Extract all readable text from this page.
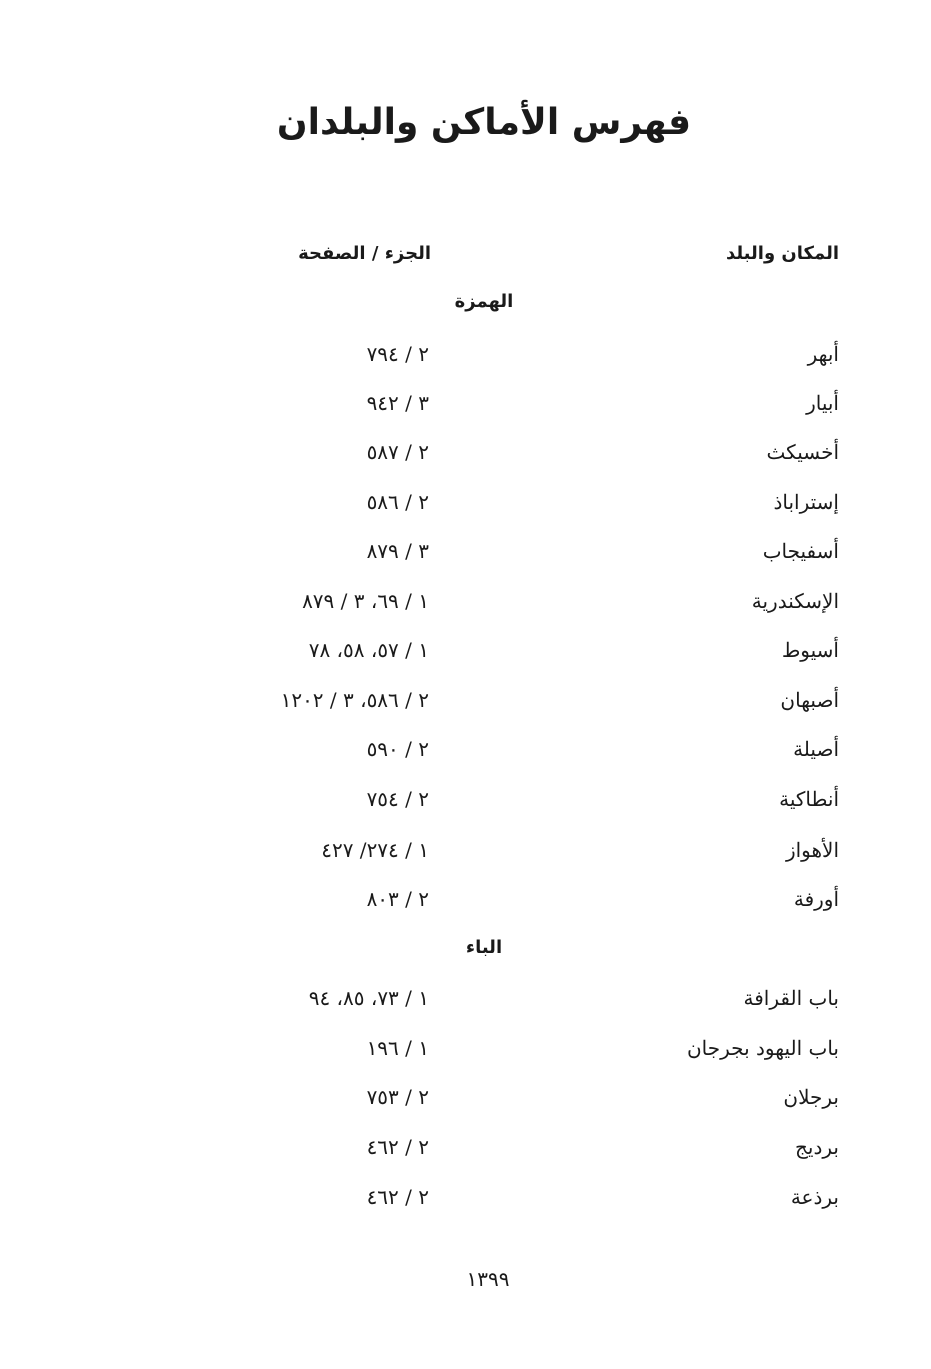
فهرس الأماكن والبلدان
المكان والبلد
الجزء / الصفحة
الهمزة
أبهر
٢ / ٧٩٤
أبيار
٣ / ٩٤٢
أخسيكث
٢ / ٥٨٧
إستراباذ
٢ / ٥٨٦
أسفيجاب
٣ / ٨٧٩
الإسكندرية
١ / ٦٩، ٣ / ٨٧٩
أسيوط
١ / ٥٧، ٥٨، ٧٨
أصبهان
٢ / ٥٨٦، ٣ / ١٢٠٢
أصيلة
٢ / ٥٩٠
أنطاكية
٢ / ٧٥٤
الأهواز
١ / ٢٧٤/ ٤٢٧
أورفة
٢ / ٨٠٣
الباء
باب القرافة
١ / ٧٣، ٨٥، ٩٤
باب اليهود بجرجان
١ / ١٩٦
برجلان
٢ / ٧٥٣
برديج
٢ / ٤٦٢
برذعة
٢ / ٤٦٢
١٣٩٩
